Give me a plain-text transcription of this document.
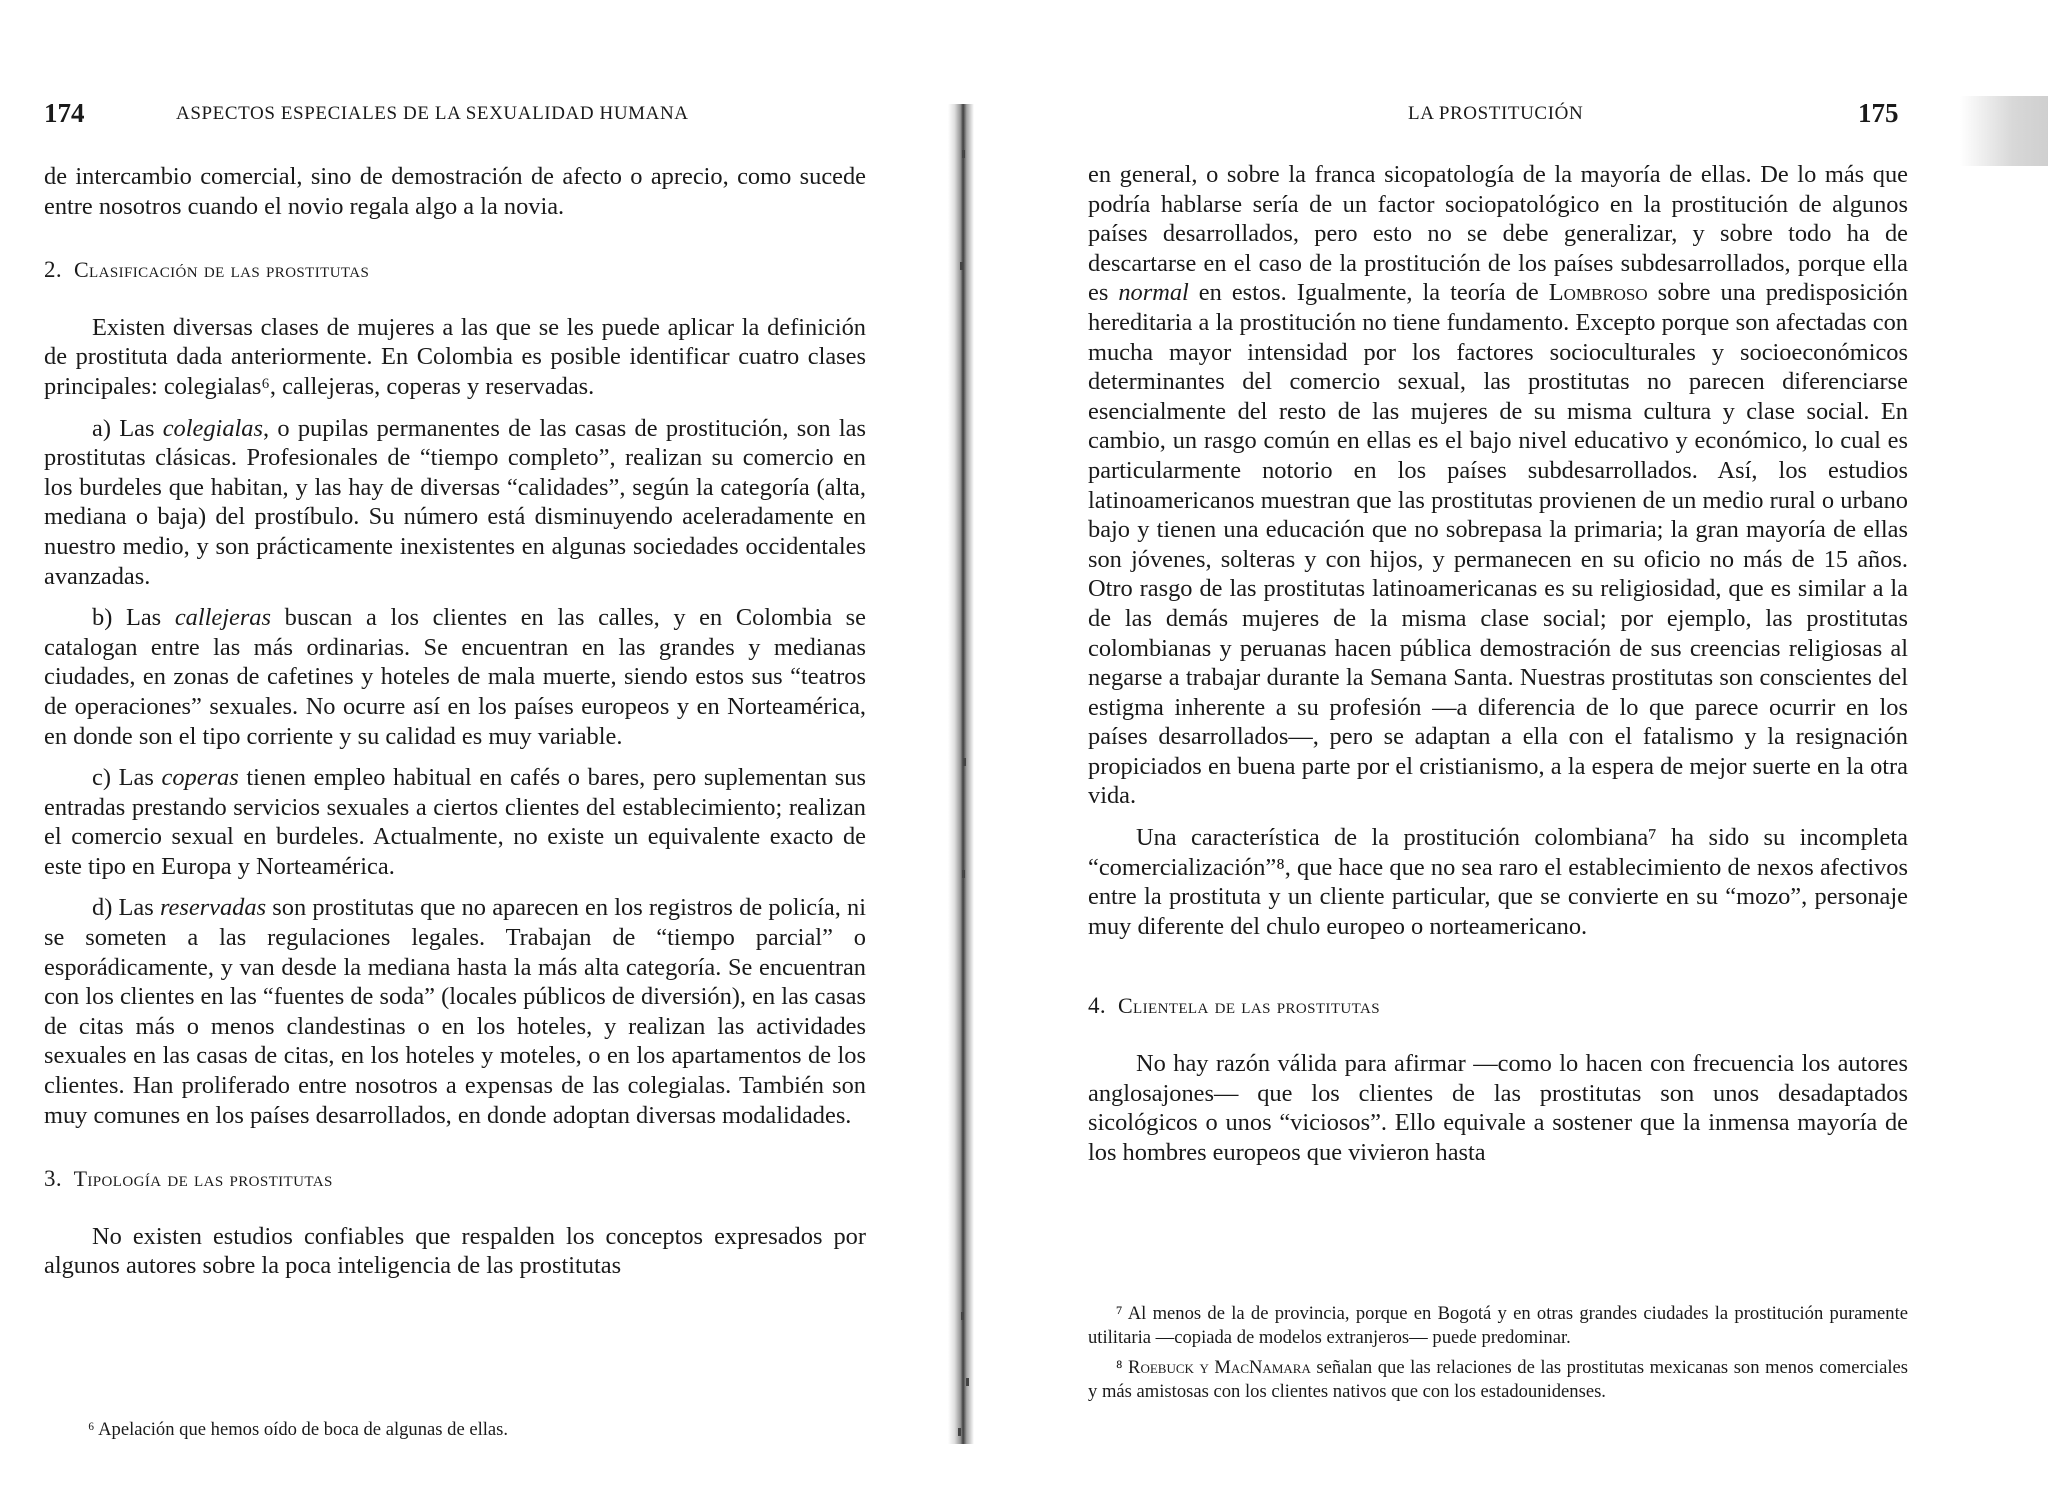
174	ASPECTOS ESPECIALES DE LA SEXUALIDAD HUMANA

de intercambio comercial, sino de demostración de afecto o aprecio, como sucede entre nosotros cuando el novio regala algo a la novia.

2. Clasificación de las prostitutas

Existen diversas clases de mujeres a las que se les puede aplicar la definición de prostituta dada anteriormente. En Colombia es posible identificar cuatro clases principales: colegialas⁶, callejeras, coperas y reservadas.

a) Las colegialas, o pupilas permanentes de las casas de prostitución, son las prostitutas clásicas. Profesionales de “tiempo completo”, realizan su comercio en los burdeles que habitan, y las hay de diversas “calidades”, según la categoría (alta, mediana o baja) del prostíbulo. Su número está disminuyendo aceleradamente en nuestro medio, y son prácticamente inexistentes en algunas sociedades occidentales avanzadas.

b) Las callejeras buscan a los clientes en las calles, y en Colombia se catalogan entre las más ordinarias. Se encuentran en las grandes y medianas ciudades, en zonas de cafetines y hoteles de mala muerte, siendo estos sus “teatros de operaciones” sexuales. No ocurre así en los países europeos y en Norteamérica, en donde son el tipo corriente y su calidad es muy variable.

c) Las coperas tienen empleo habitual en cafés o bares, pero suplementan sus entradas prestando servicios sexuales a ciertos clientes del establecimiento; realizan el comercio sexual en burdeles. Actualmente, no existe un equivalente exacto de este tipo en Europa y Norteamérica.

d) Las reservadas son prostitutas que no aparecen en los registros de policía, ni se someten a las regulaciones legales. Trabajan de “tiempo parcial” o esporádicamente, y van desde la mediana hasta la más alta categoría. Se encuentran con los clientes en las “fuentes de soda” (locales públicos de diversión), en las casas de citas más o menos clandestinas o en los hoteles, y realizan las actividades sexuales en las casas de citas, en los hoteles y moteles, o en los apartamentos de los clientes. Han proliferado entre nosotros a expensas de las colegialas. También son muy comunes en los países desarrollados, en donde adoptan diversas modalidades.

3. Tipología de las prostitutas

No existen estudios confiables que respalden los conceptos expresados por algunos autores sobre la poca inteligencia de las prostitutas

⁶ Apelación que hemos oído de boca de algunas de ellas.

LA PROSTITUCIÓN	175

en general, o sobre la franca sicopatología de la mayoría de ellas. De lo más que podría hablarse sería de un factor sociopatológico en la prostitución de algunos países desarrollados, pero esto no se debe generalizar, y sobre todo ha de descartarse en el caso de la prostitución de los países subdesarrollados, porque ella es normal en estos. Igualmente, la teoría de Lombroso sobre una predisposición hereditaria a la prostitución no tiene fundamento. Excepto porque son afectadas con mucha mayor intensidad por los factores socioculturales y socioeconómicos determinantes del comercio sexual, las prostitutas no parecen diferenciarse esencialmente del resto de las mujeres de su misma cultura y clase social. En cambio, un rasgo común en ellas es el bajo nivel educativo y económico, lo cual es particularmente notorio en los países subdesarrollados. Así, los estudios latinoamericanos muestran que las prostitutas provienen de un medio rural o urbano bajo y tienen una educación que no sobrepasa la primaria; la gran mayoría de ellas son jóvenes, solteras y con hijos, y permanecen en su oficio no más de 15 años. Otro rasgo de las prostitutas latinoamericanas es su religiosidad, que es similar a la de las demás mujeres de la misma clase social; por ejemplo, las prostitutas colombianas y peruanas hacen pública demostración de sus creencias religiosas al negarse a trabajar durante la Semana Santa. Nuestras prostitutas son conscientes del estigma inherente a su profesión —a diferencia de lo que parece ocurrir en los países desarrollados—, pero se adaptan a ella con el fatalismo y la resignación propiciados en buena parte por el cristianismo, a la espera de mejor suerte en la otra vida.

Una característica de la prostitución colombiana⁷ ha sido su incompleta “comercialización”⁸, que hace que no sea raro el establecimiento de nexos afectivos entre la prostituta y un cliente particular, que se convierte en su “mozo”, personaje muy diferente del chulo europeo o norteamericano.

4. Clientela de las prostitutas

No hay razón válida para afirmar —como lo hacen con frecuencia los autores anglosajones— que los clientes de las prostitutas son unos desadaptados sicológicos o unos “viciosos”. Ello equivale a sostener que la inmensa mayoría de los hombres europeos que vivieron hasta

⁷ Al menos de la de provincia, porque en Bogotá y en otras grandes ciudades la prostitución puramente utilitaria —copiada de modelos extranjeros— puede predominar.

⁸ Roebuck y MacNamara señalan que las relaciones de las prostitutas mexicanas son menos comerciales y más amistosas con los clientes nativos que con los estadounidenses.
